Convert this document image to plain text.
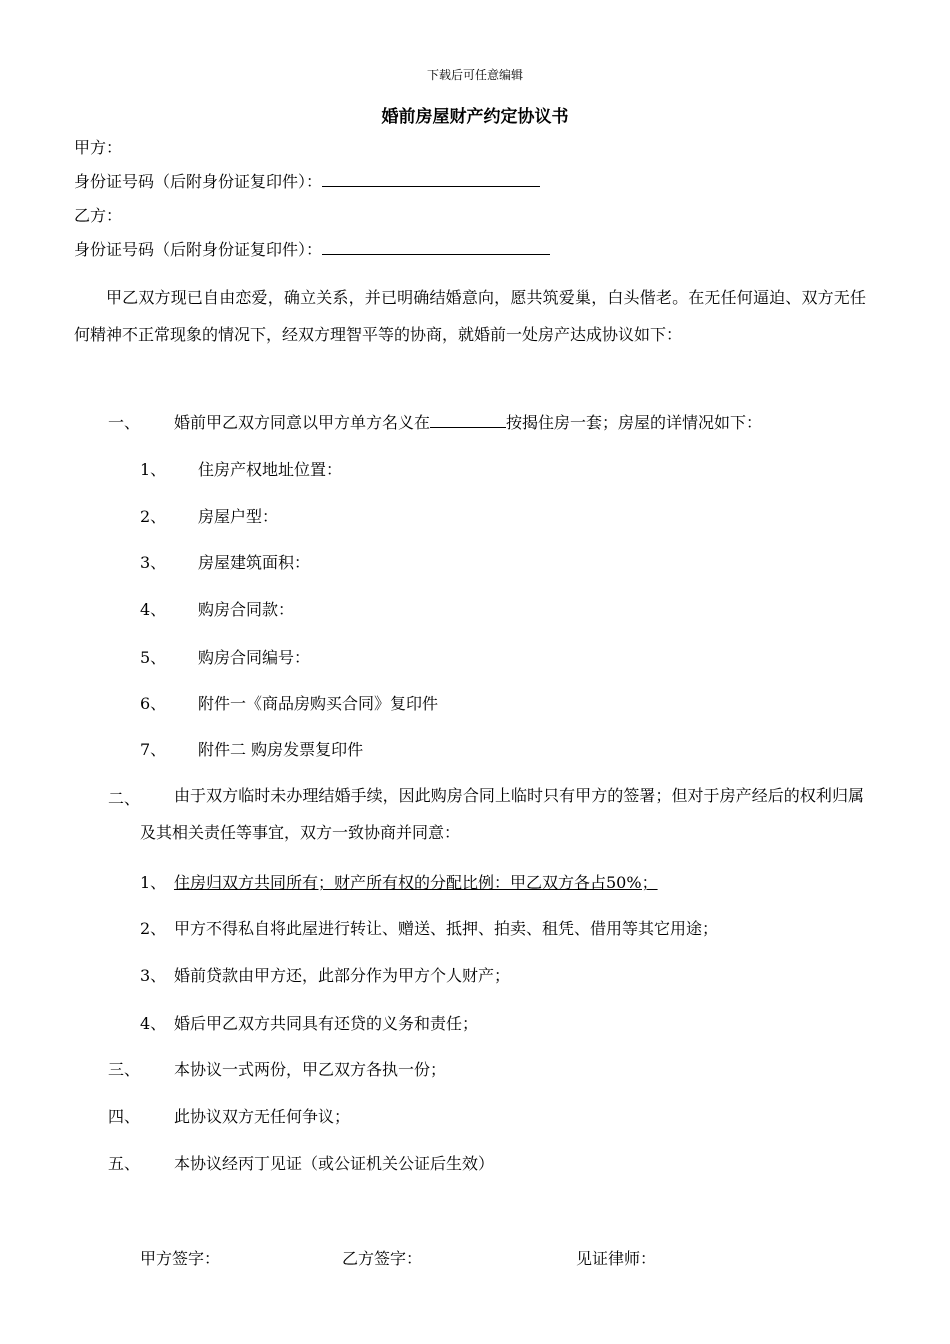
下载后可任意编辑
婚前房屋财产约定协议书
甲方：
身份证号码（后附身份证复印件）：
乙方：
身份证号码（后附身份证复印件）：
甲乙双方现已自由恋爱，确立关系，并已明确结婚意向，愿共筑爱巢，白头偕老。在无任何逼迫、双方无任何精神不正常现象的情况下，经双方理智平等的协商，就婚前一处房产达成协议如下：
一、 婚前甲乙双方同意以甲方单方名义在	按揭住房一套；房屋的详情况如下：
1、 住房产权地址位置：
2、 房屋户型：
3、 房屋建筑面积：
4、 购房合同款：
5、 购房合同编号：
6、 附件一《商品房购买合同》复印件
7、 附件二 购房发票复印件
二、	由于双方临时未办理结婚手续，因此购房合同上临时只有甲方的签署；但对于房产经后的权利归属及其相关责任等事宜，双方一致协商并同意：
1、 住房归双方共同所有；财产所有权的分配比例：甲乙双方各占50%；
2、 甲方不得私自将此屋进行转让、赠送、抵押、拍卖、租凭、借用等其它用途；
3、 婚前贷款由甲方还，此部分作为甲方个人财产；
4、 婚后甲乙双方共同具有还贷的义务和责任；
三、 本协议一式两份，甲乙双方各执一份；
四、 此协议双方无任何争议；
五、 本协议经丙丁见证（或公证机关公证后生效）
甲方签字：	乙方签字：	见证律师：
